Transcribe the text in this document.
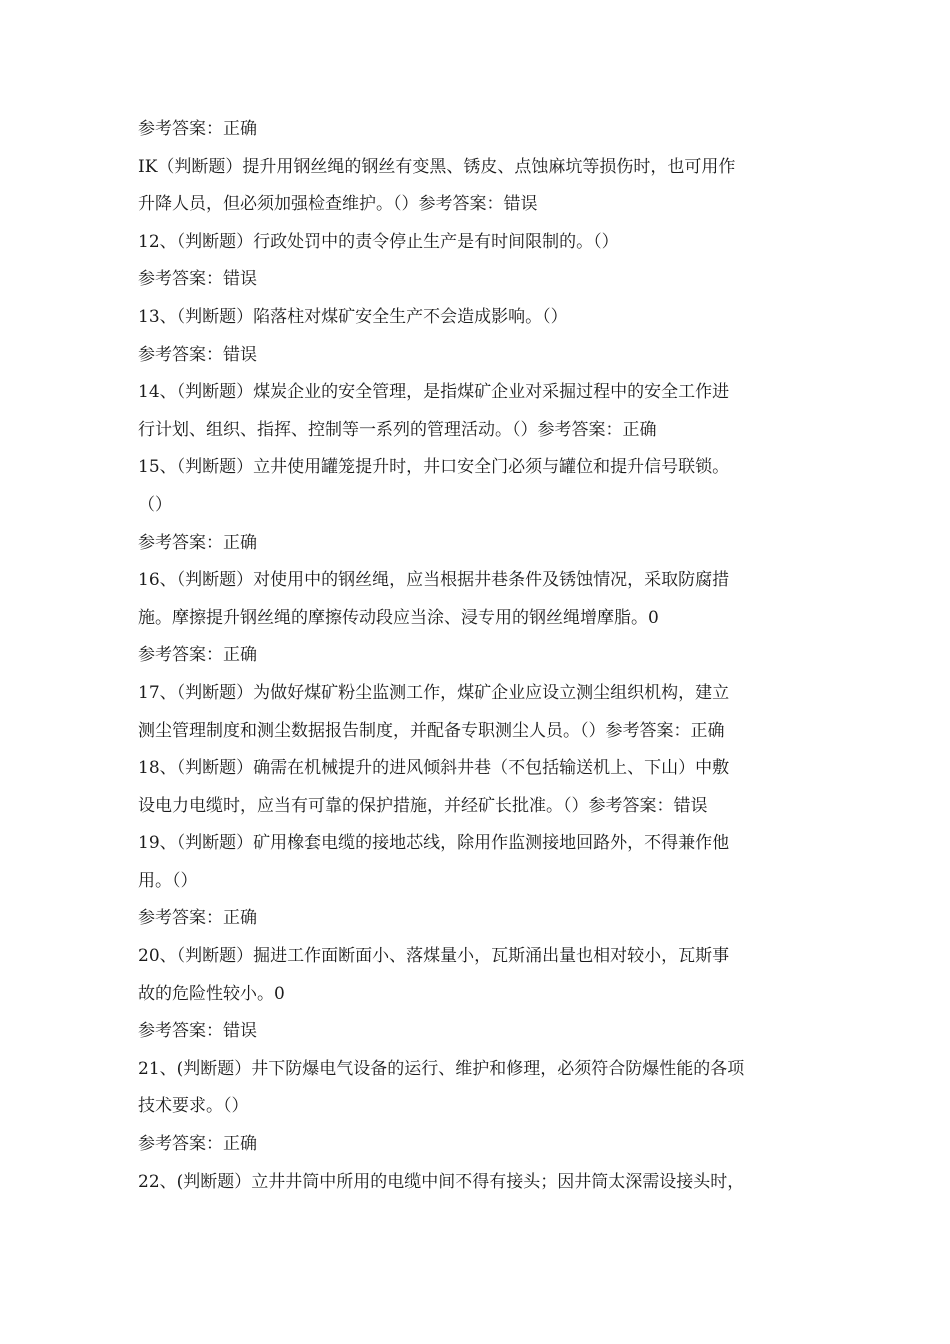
参考答案：正确
IK（判断题）提升用钢丝绳的钢丝有变黑、锈皮、点蚀麻坑等损伤时，也可用作
升降人员，但必须加强检查维护。（）参考答案：错误
12、（判断题）行政处罚中的责令停止生产是有时间限制的。（）
参考答案：错误
13、（判断题）陷落柱对煤矿安全生产不会造成影响。（）
参考答案：错误
14、（判断题）煤炭企业的安全管理，是指煤矿企业对采掘过程中的安全工作进
行计划、组织、指挥、控制等一系列的管理活动。（）参考答案：正确
15、（判断题）立井使用罐笼提升时，井口安全门必须与罐位和提升信号联锁。
（）
参考答案：正确
16、（判断题）对使用中的钢丝绳，应当根据井巷条件及锈蚀情况，采取防腐措
施。摩擦提升钢丝绳的摩擦传动段应当涂、浸专用的钢丝绳增摩脂。0
参考答案：正确
17、（判断题）为做好煤矿粉尘监测工作，煤矿企业应设立测尘组织机构，建立
测尘管理制度和测尘数据报告制度，并配备专职测尘人员。（）参考答案：正确
18、（判断题）确需在机械提升的进风倾斜井巷（不包括输送机上、下山）中敷
设电力电缆时，应当有可靠的保护措施，并经矿长批准。（）参考答案：错误
19、（判断题）矿用橡套电缆的接地芯线，除用作监测接地回路外，不得兼作他
用。（）
参考答案：正确
20、（判断题）掘进工作面断面小、落煤量小，瓦斯涌出量也相对较小，瓦斯事
故的危险性较小。0
参考答案：错误
21、(判断题）井下防爆电气设备的运行、维护和修理，必须符合防爆性能的各项
技术要求。（）
参考答案：正确
22、(判断题）立井井筒中所用的电缆中间不得有接头；因井筒太深需设接头时，
